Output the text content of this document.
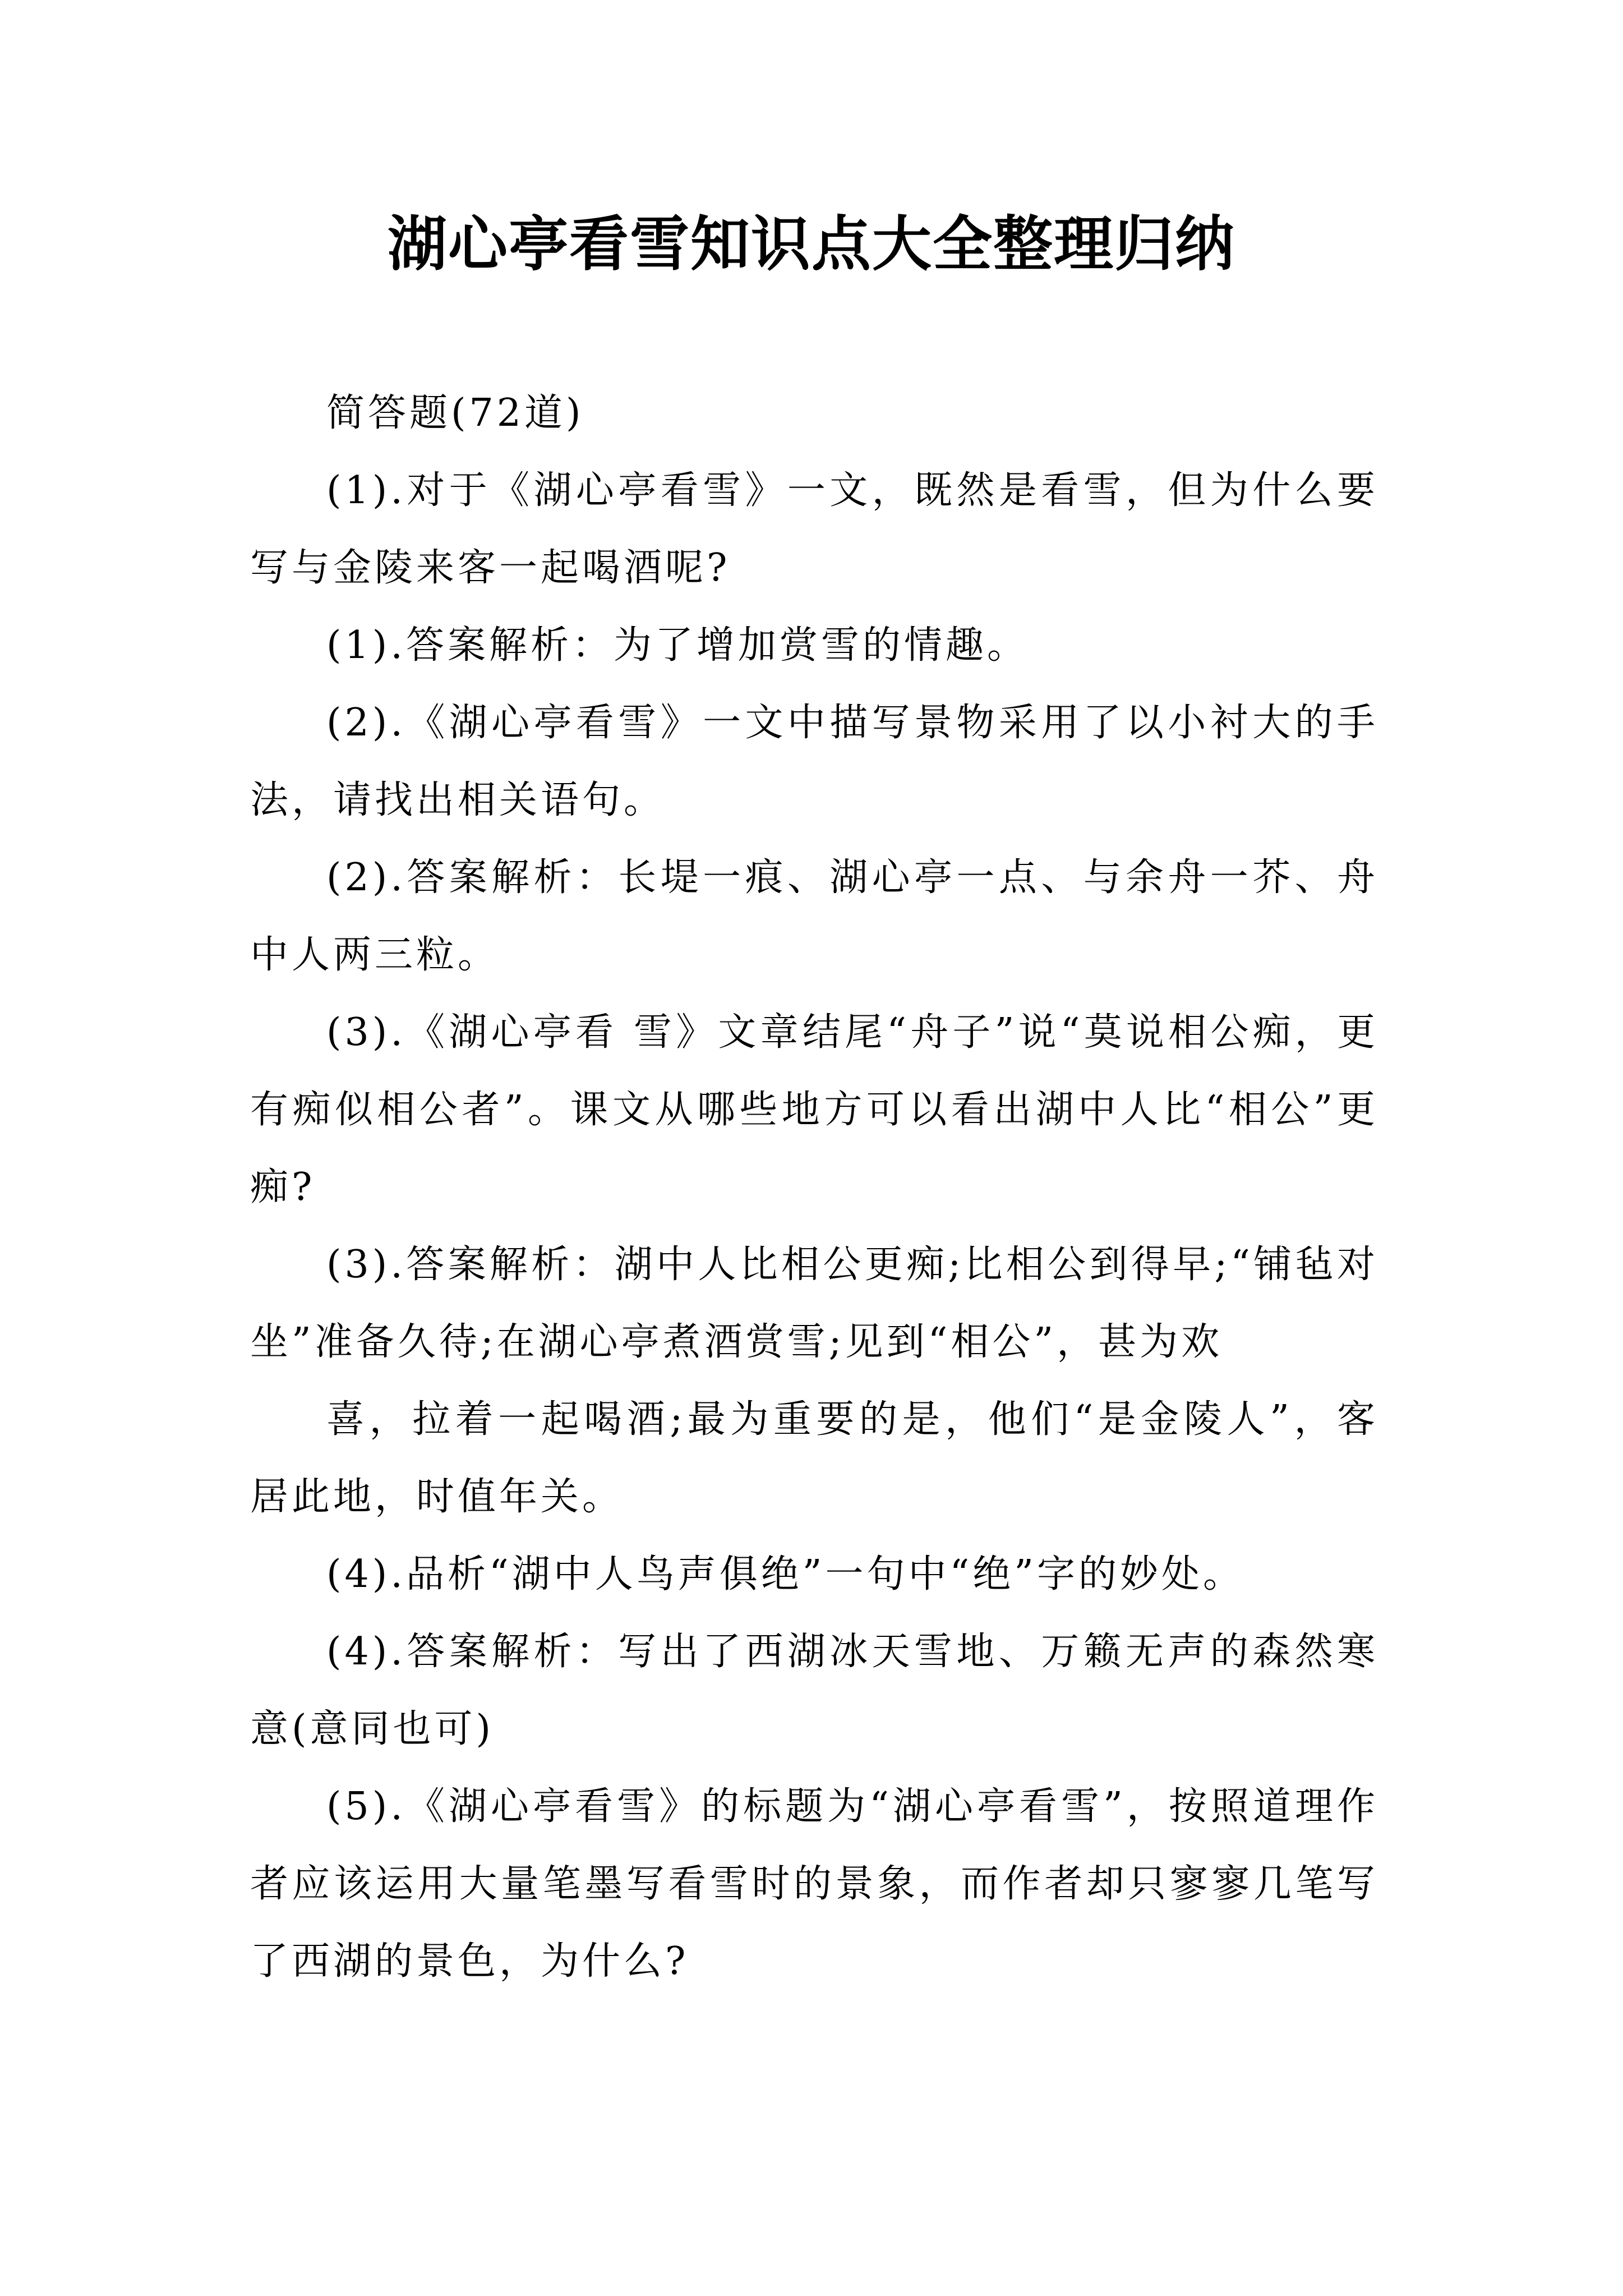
湖心亭看雪知识点大全整理归纳

简答题(72道)

(1).对于《湖心亭看雪》一文，既然是看雪，但为什么要写与金陵来客一起喝酒呢?

(1).答案解析：为了增加赏雪的情趣。

(2).《湖心亭看雪》一文中描写景物采用了以小衬大的手法，请找出相关语句。

(2).答案解析：长堤一痕、湖心亭一点、与余舟一芥、舟中人两三粒。

(3).《湖心亭看 雪》文章结尾“舟子”说“莫说相公痴，更有痴似相公者”。课文从哪些地方可以看出湖中人比“相公”更痴?

(3).答案解析：湖中人比相公更痴;比相公到得早;“铺毡对坐”准备久待;在湖心亭煮酒赏雪;见到“相公”，甚为欢

喜，拉着一起喝酒;最为重要的是，他们“是金陵人”，客居此地，时值年关。

(4).品析“湖中人鸟声俱绝”一句中“绝”字的妙处。

(4).答案解析：写出了西湖冰天雪地、万籁无声的森然寒意(意同也可)

(5).《湖心亭看雪》的标题为“湖心亭看雪”，按照道理作者应该运用大量笔墨写看雪时的景象，而作者却只寥寥几笔写了西湖的景色，为什么?
